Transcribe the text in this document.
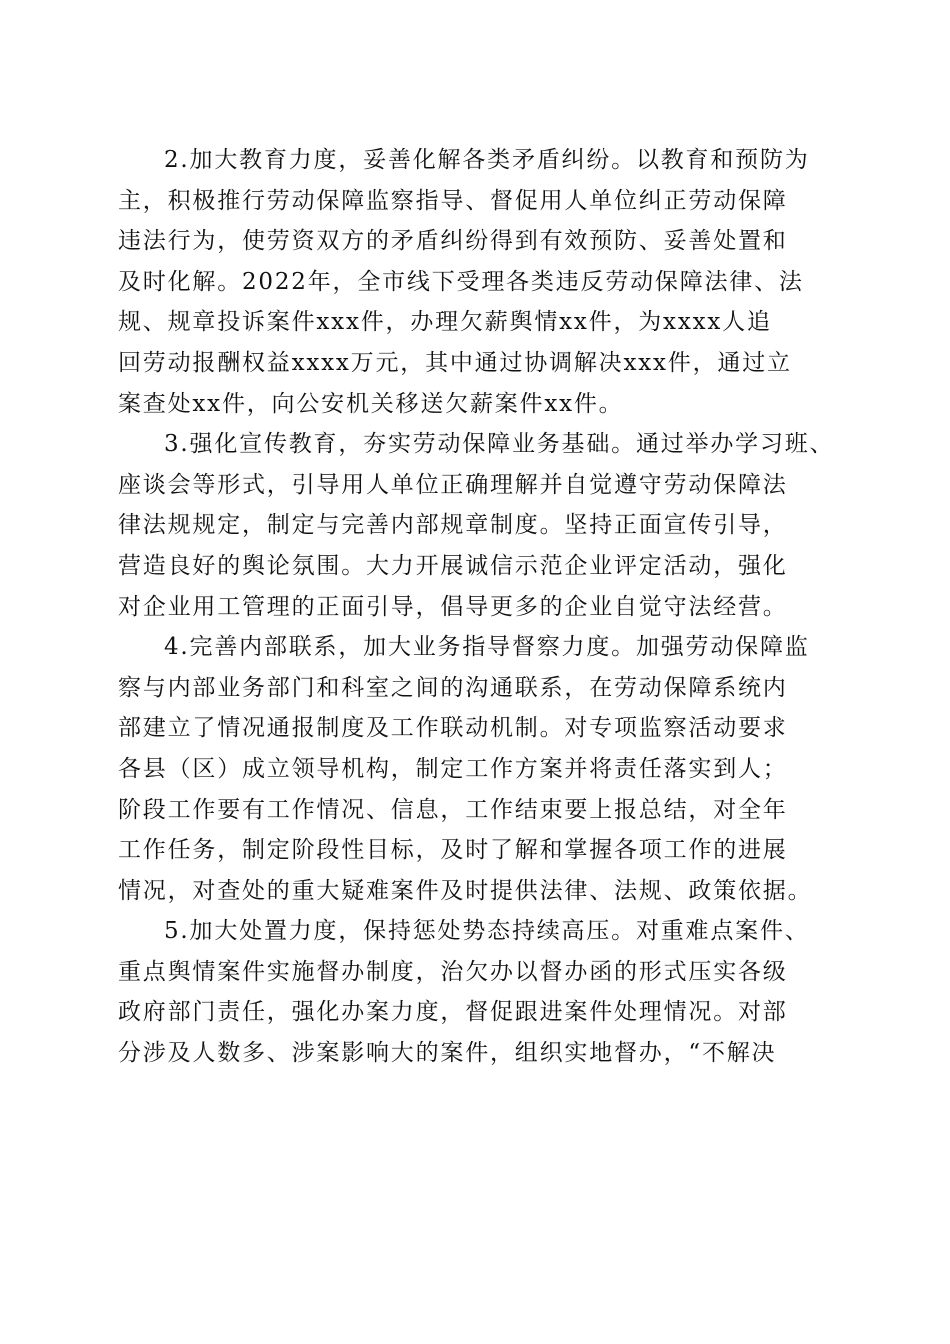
2.加大教育力度，妥善化解各类矛盾纠纷。以教育和预防为
主，积极推行劳动保障监察指导、督促用人单位纠正劳动保障
违法行为，使劳资双方的矛盾纠纷得到有效预防、妥善处置和
及时化解。2022年，全市线下受理各类违反劳动保障法律、法
规、规章投诉案件xxx件，办理欠薪舆情xx件，为xxxx人追
回劳动报酬权益xxxx万元，其中通过协调解决xxx件，通过立
案查处xx件，向公安机关移送欠薪案件xx件。

3.强化宣传教育，夯实劳动保障业务基础。通过举办学习班、
座谈会等形式，引导用人单位正确理解并自觉遵守劳动保障法
律法规规定，制定与完善内部规章制度。坚持正面宣传引导，
营造良好的舆论氛围。大力开展诚信示范企业评定活动，强化
对企业用工管理的正面引导，倡导更多的企业自觉守法经营。

4.完善内部联系，加大业务指导督察力度。加强劳动保障监
察与内部业务部门和科室之间的沟通联系，在劳动保障系统内
部建立了情况通报制度及工作联动机制。对专项监察活动要求
各县（区）成立领导机构，制定工作方案并将责任落实到人；
阶段工作要有工作情况、信息，工作结束要上报总结，对全年
工作任务，制定阶段性目标，及时了解和掌握各项工作的进展
情况，对查处的重大疑难案件及时提供法律、法规、政策依据。

5.加大处置力度，保持惩处势态持续高压。对重难点案件、
重点舆情案件实施督办制度，治欠办以督办函的形式压实各级
政府部门责任，强化办案力度，督促跟进案件处理情况。对部
分涉及人数多、涉案影响大的案件，组织实地督办，“不解决
